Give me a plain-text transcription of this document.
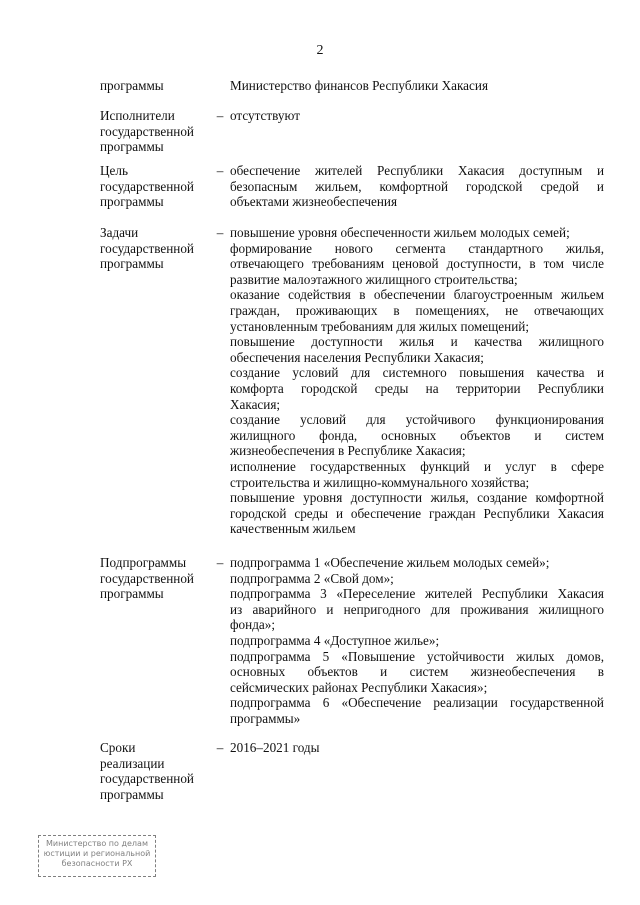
2
программы	Министерство финансов Республики Хакасия
Исполнители
государственной
программы
– отсутствуют
Цель
государственной
программы
– обеспечение жителей Республики Хакасия доступным и
безопасным жильем, комфортной городской средой и
объектами жизнеобеспечения
Задачи
государственной
программы
– повышение уровня обеспеченности жильем молодых семей;
формирование нового сегмента стандартного жилья,
отвечающего требованиям ценовой доступности, в том числе
развитие малоэтажного жилищного строительства;
оказание содействия в обеспечении благоустроенным жильем
граждан, проживающих в помещениях, не отвечающих
установленным требованиям для жилых помещений;
повышение доступности жилья и качества жилищного
обеспечения населения Республики Хакасия;
создание условий для системного повышения качества и
комфорта городской среды на территории Республики
Хакасия;
создание условий для устойчивого функционирования
жилищного фонда, основных объектов и систем
жизнеобеспечения в Республике Хакасия;
исполнение государственных функций и услуг в сфере
строительства и жилищно-коммунального хозяйства;
повышение уровня доступности жилья, создание комфортной
городской среды и обеспечение граждан Республики Хакасия
качественным жильем
Подпрограммы
государственной
программы
– подпрограмма 1 «Обеспечение жильем молодых семей»;
подпрограмма 2 «Свой дом»;
подпрограмма 3 «Переселение жителей Республики Хакасия
из аварийного и непригодного для проживания жилищного
фонда»;
подпрограмма 4 «Доступное жилье»;
подпрограмма 5 «Повышение устойчивости жилых домов,
основных объектов и систем жизнеобеспечения в
сейсмических районах Республики Хакасия»;
подпрограмма 6 «Обеспечение реализации государственной
программы»
Сроки
реализации
государственной
программы
– 2016–2021 годы
Министерство по делам
юстиции и региональной
безопасности РХ
